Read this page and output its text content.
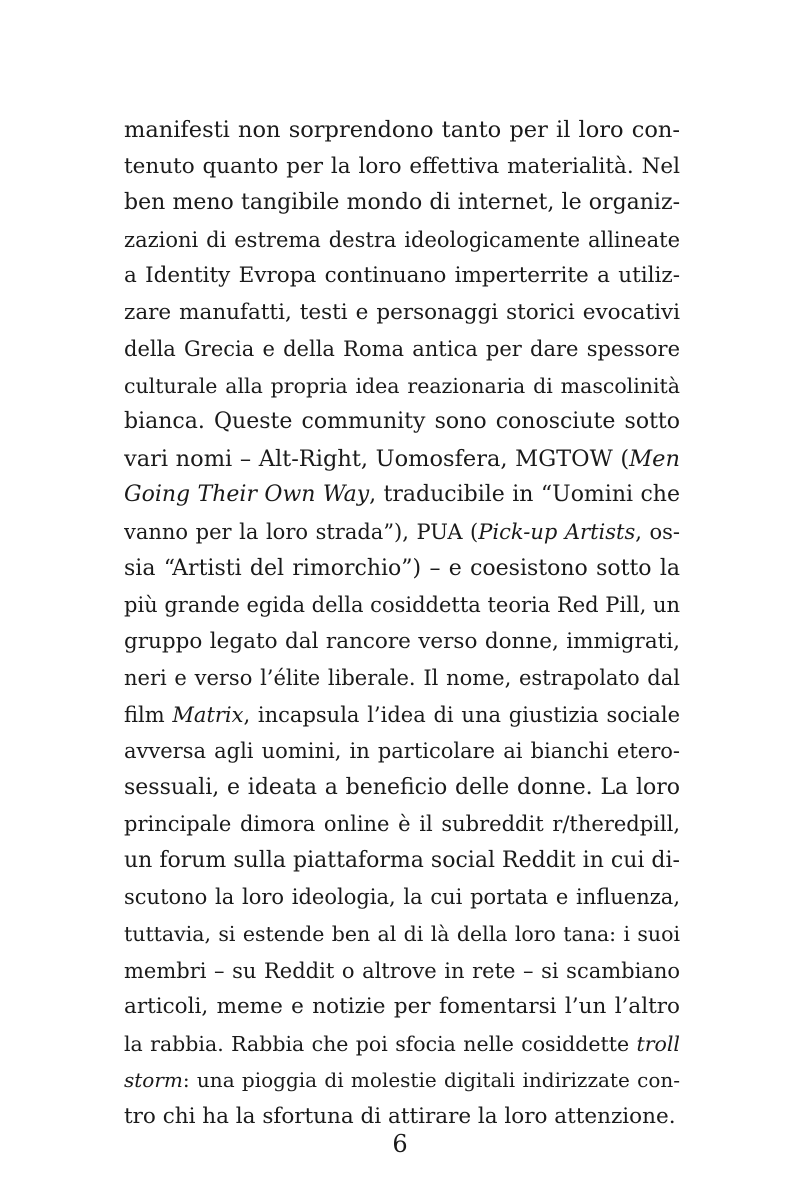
manifesti non sorprendono tanto per il loro con-
tenuto quanto per la loro effettiva materialità. Nel
ben meno tangibile mondo di internet, le organiz-
zazioni di estrema destra ideologicamente allineate
a Identity Evropa continuano imperterrite a utiliz-
zare manufatti, testi e personaggi storici evocativi
della Grecia e della Roma antica per dare spessore
culturale alla propria idea reazionaria di mascolinità
bianca. Queste community sono conosciute sotto
vari nomi – Alt-Right, Uomosfera, MGTOW (Men
Going Their Own Way, traducibile in “Uomini che
vanno per la loro strada”), PUA (Pick-up Artists, os-
sia “Artisti del rimorchio”) – e coesistono sotto la
più grande egida della cosiddetta teoria Red Pill, un
gruppo legato dal rancore verso donne, immigrati,
neri e verso l’élite liberale. Il nome, estrapolato dal
film Matrix, incapsula l’idea di una giustizia sociale
avversa agli uomini, in particolare ai bianchi etero-
sessuali, e ideata a beneficio delle donne. La loro
principale dimora online è il subreddit r/theredpill,
un forum sulla piattaforma social Reddit in cui di-
scutono la loro ideologia, la cui portata e influenza,
tuttavia, si estende ben al di là della loro tana: i suoi
membri – su Reddit o altrove in rete – si scambiano
articoli, meme e notizie per fomentarsi l’un l’altro
la rabbia. Rabbia che poi sfocia nelle cosiddette troll
storm: una pioggia di molestie digitali indirizzate con-
tro chi ha la sfortuna di attirare la loro attenzione.
6
